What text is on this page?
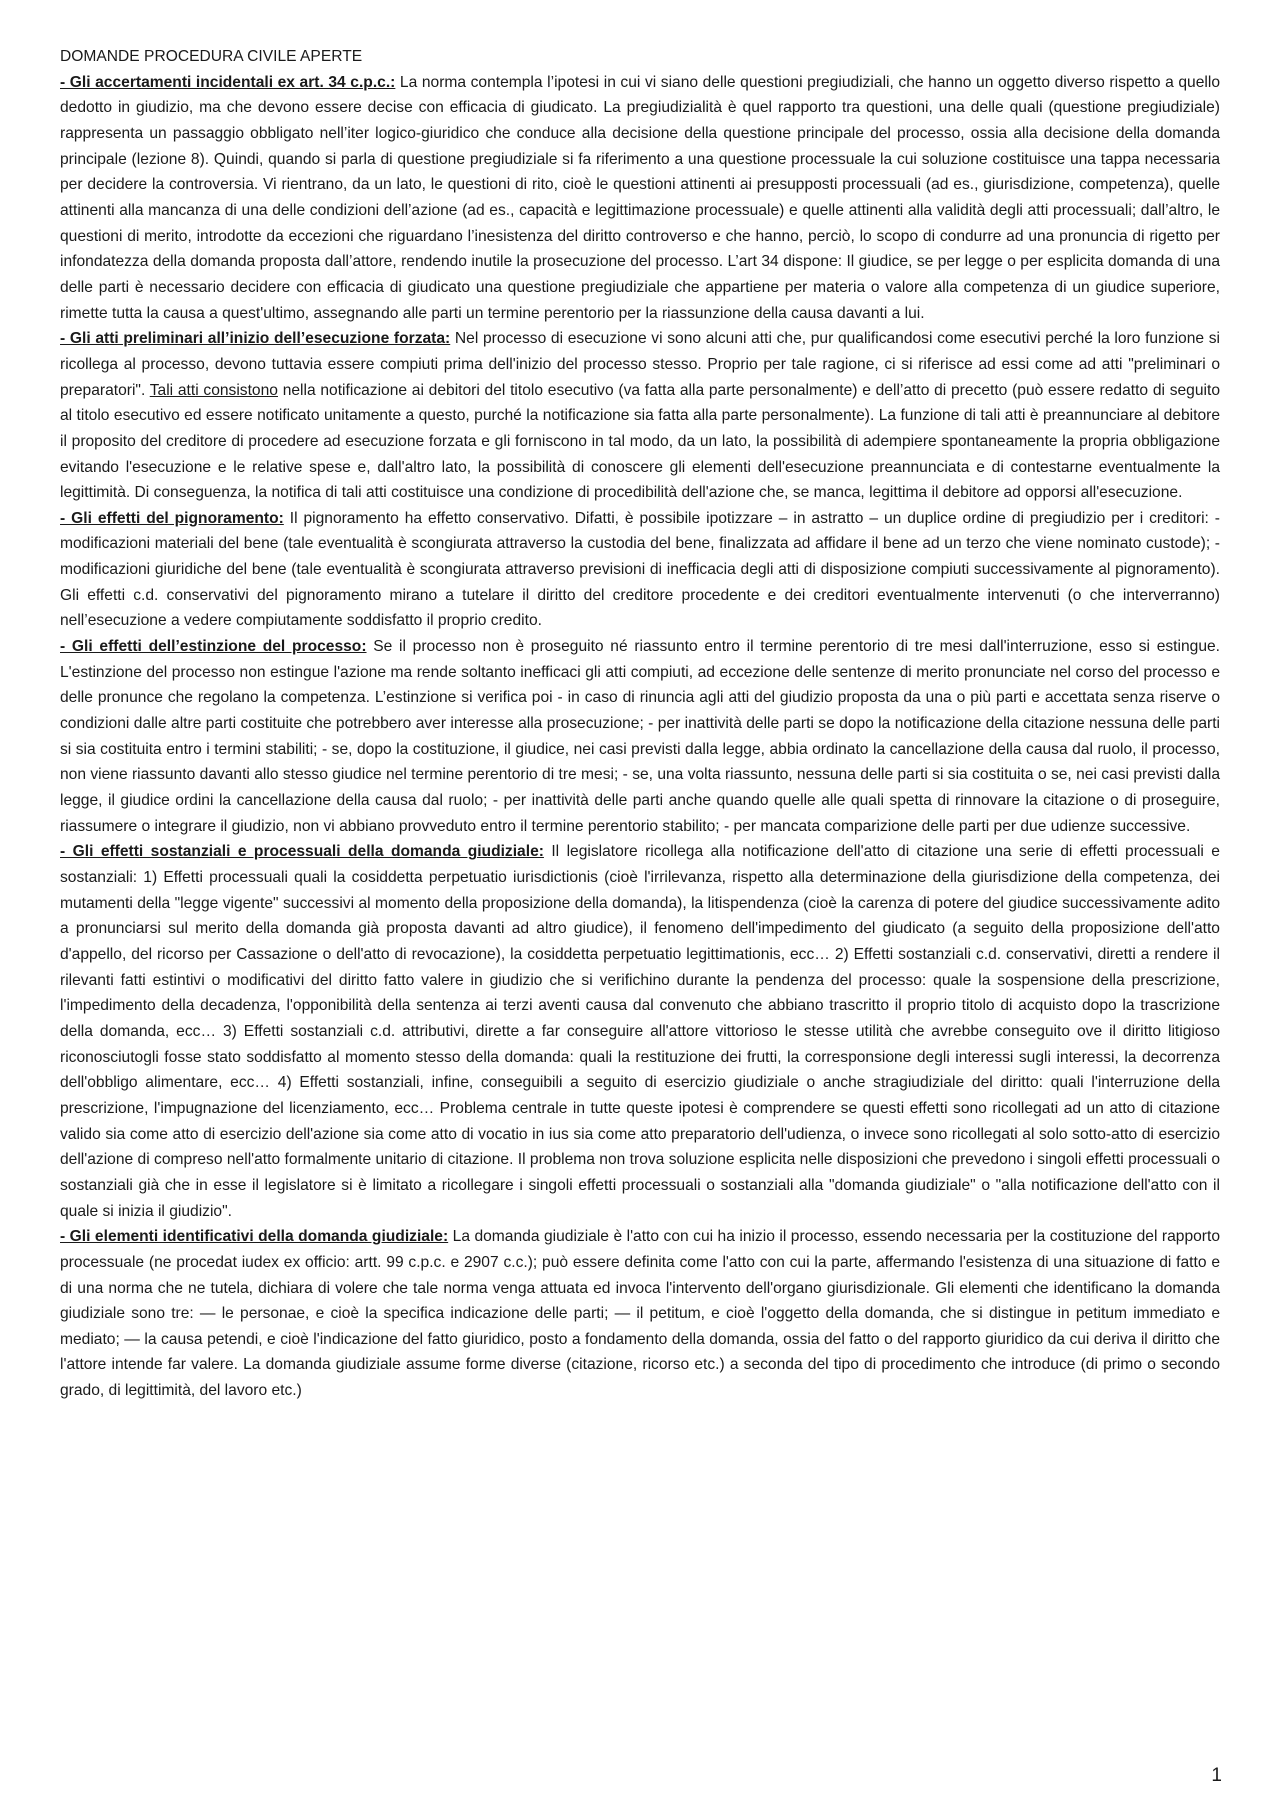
DOMANDE PROCEDURA CIVILE APERTE

- Gli accertamenti incidentali ex art. 34 c.p.c.: La norma contempla l’ipotesi in cui vi siano delle questioni pregiudiziali, che hanno un oggetto diverso rispetto a quello dedotto in giudizio, ma che devono essere decise con efficacia di giudicato. La pregiudizialità è quel rapporto tra questioni, una delle quali (questione pregiudiziale) rappresenta un passaggio obbligato nell’iter logico-giuridico che conduce alla decisione della questione principale del processo, ossia alla decisione della domanda principale (lezione 8). Quindi, quando si parla di questione pregiudiziale si fa riferimento a una questione processuale la cui soluzione costituisce una tappa necessaria per decidere la controversia. Vi rientrano, da un lato, le questioni di rito, cioè le questioni attinenti ai presupposti processuali (ad es., giurisdizione, competenza), quelle attinenti alla mancanza di una delle condizioni dell’azione (ad es., capacità e legittimazione processuale) e quelle attinenti alla validità degli atti processuali; dall’altro, le questioni di merito, introdotte da eccezioni che riguardano l’inesistenza del diritto controverso e che hanno, perciò, lo scopo di condurre ad una pronuncia di rigetto per infondatezza della domanda proposta dall’attore, rendendo inutile la prosecuzione del processo. L’art 34 dispone: Il giudice, se per legge o per esplicita domanda di una delle parti è necessario decidere con efficacia di giudicato una questione pregiudiziale che appartiene per materia o valore alla competenza di un giudice superiore, rimette tutta la causa a quest'ultimo, assegnando alle parti un termine perentorio per la riassunzione della causa davanti a lui.

- Gli atti preliminari all’inizio dell’esecuzione forzata: Nel processo di esecuzione vi sono alcuni atti che, pur qualificandosi come esecutivi perché la loro funzione si ricollega al processo, devono tuttavia essere compiuti prima dell'inizio del processo stesso. Proprio per tale ragione, ci si riferisce ad essi come ad atti "preliminari o preparatori". Tali atti consistono nella notificazione ai debitori del titolo esecutivo (va fatta alla parte personalmente) e dell’atto di precetto (può essere redatto di seguito al titolo esecutivo ed essere notificato unitamente a questo, purché la notificazione sia fatta alla parte personalmente). La funzione di tali atti è preannunciare al debitore il proposito del creditore di procedere ad esecuzione forzata e gli forniscono in tal modo, da un lato, la possibilità di adempiere spontaneamente la propria obbligazione evitando l'esecuzione e le relative spese e, dall'altro lato, la possibilità di conoscere gli elementi dell'esecuzione preannunciata e di contestarne eventualmente la legittimità. Di conseguenza, la notifica di tali atti costituisce una condizione di procedibilità dell'azione che, se manca, legittima il debitore ad opporsi all'esecuzione.

- Gli effetti del pignoramento: Il pignoramento ha effetto conservativo. Difatti, è possibile ipotizzare – in astratto – un duplice ordine di pregiudizio per i creditori: - modificazioni materiali del bene (tale eventualità è scongiurata attraverso la custodia del bene, finalizzata ad affidare il bene ad un terzo che viene nominato custode); - modificazioni giuridiche del bene (tale eventualità è scongiurata attraverso previsioni di inefficacia degli atti di disposizione compiuti successivamente al pignoramento). Gli effetti c.d. conservativi del pignoramento mirano a tutelare il diritto del creditore procedente e dei creditori eventualmente intervenuti (o che interverranno) nell’esecuzione a vedere compiutamente soddisfatto il proprio credito.

- Gli effetti dell’estinzione del processo: Se il processo non è proseguito né riassunto entro il termine perentorio di tre mesi dall'interruzione, esso si estingue. L'estinzione del processo non estingue l'azione ma rende soltanto inefficaci gli atti compiuti, ad eccezione delle sentenze di merito pronunciate nel corso del processo e delle pronunce che regolano la competenza. L’estinzione si verifica poi - in caso di rinuncia agli atti del giudizio proposta da una o più parti e accettata senza riserve o condizioni dalle altre parti costituite che potrebbero aver interesse alla prosecuzione; - per inattività delle parti se dopo la notificazione della citazione nessuna delle parti si sia costituita entro i termini stabiliti; - se, dopo la costituzione, il giudice, nei casi previsti dalla legge, abbia ordinato la cancellazione della causa dal ruolo, il processo, non viene riassunto davanti allo stesso giudice nel termine perentorio di tre mesi; - se, una volta riassunto, nessuna delle parti si sia costituita o se, nei casi previsti dalla legge, il giudice ordini la cancellazione della causa dal ruolo; - per inattività delle parti anche quando quelle alle quali spetta di rinnovare la citazione o di proseguire, riassumere o integrare il giudizio, non vi abbiano provveduto entro il termine perentorio stabilito; - per mancata comparizione delle parti per due udienze successive.

- Gli effetti sostanziali e processuali della domanda giudiziale: Il legislatore ricollega alla notificazione dell'atto di citazione una serie di effetti processuali e sostanziali: 1) Effetti processuali quali la cosiddetta perpetuatio iurisdictionis (cioè l'irrilevanza, rispetto alla determinazione della giurisdizione della competenza, dei mutamenti della "legge vigente" successivi al momento della proposizione della domanda), la litispendenza (cioè la carenza di potere del giudice successivamente adito a pronunciarsi sul merito della domanda già proposta davanti ad altro giudice), il fenomeno dell'impedimento del giudicato (a seguito della proposizione dell'atto d'appello, del ricorso per Cassazione o dell'atto di revocazione), la cosiddetta perpetuatio legittimationis, ecc… 2) Effetti sostanziali c.d. conservativi, diretti a rendere il rilevanti fatti estintivi o modificativi del diritto fatto valere in giudizio che si verifichino durante la pendenza del processo: quale la sospensione della prescrizione, l'impedimento della decadenza, l'opponibilità della sentenza ai terzi aventi causa dal convenuto che abbiano trascritto il proprio titolo di acquisto dopo la trascrizione della domanda, ecc… 3) Effetti sostanziali c.d. attributivi, dirette a far conseguire all'attore vittorioso le stesse utilità che avrebbe conseguito ove il diritto litigioso riconosciutogli fosse stato soddisfatto al momento stesso della domanda: quali la restituzione dei frutti, la corresponsione degli interessi sugli interessi, la decorrenza dell'obbligo alimentare, ecc… 4) Effetti sostanziali, infine, conseguibili a seguito di esercizio giudiziale o anche stragiudiziale del diritto: quali l'interruzione della prescrizione, l'impugnazione del licenziamento, ecc… Problema centrale in tutte queste ipotesi è comprendere se questi effetti sono ricollegati ad un atto di citazione valido sia come atto di esercizio dell'azione sia come atto di vocatio in ius sia come atto preparatorio dell'udienza, o invece sono ricollegati al solo sotto-atto di esercizio dell'azione di compreso nell'atto formalmente unitario di citazione. Il problema non trova soluzione esplicita nelle disposizioni che prevedono i singoli effetti processuali o sostanziali già che in esse il legislatore si è limitato a ricollegare i singoli effetti processuali o sostanziali alla "domanda giudiziale" o "alla notificazione dell'atto con il quale si inizia il giudizio".

- Gli elementi identificativi della domanda giudiziale: La domanda giudiziale è l'atto con cui ha inizio il processo, essendo necessaria per la costituzione del rapporto processuale (ne procedat iudex ex officio: artt. 99 c.p.c. e 2907 c.c.); può essere definita come l'atto con cui la parte, affermando l'esistenza di una situazione di fatto e di una norma che ne tutela, dichiara di volere che tale norma venga attuata ed invoca l'intervento dell'organo giurisdizionale. Gli elementi che identificano la domanda giudiziale sono tre: — le personae, e cioè la specifica indicazione delle parti; — il petitum, e cioè l'oggetto della domanda, che si distingue in petitum immediato e mediato; — la causa petendi, e cioè l'indicazione del fatto giuridico, posto a fondamento della domanda, ossia del fatto o del rapporto giuridico da cui deriva il diritto che l'attore intende far valere. La domanda giudiziale assume forme diverse (citazione, ricorso etc.) a seconda del tipo di procedimento che introduce (di primo o secondo grado, di legittimità, del lavoro etc.)

1
